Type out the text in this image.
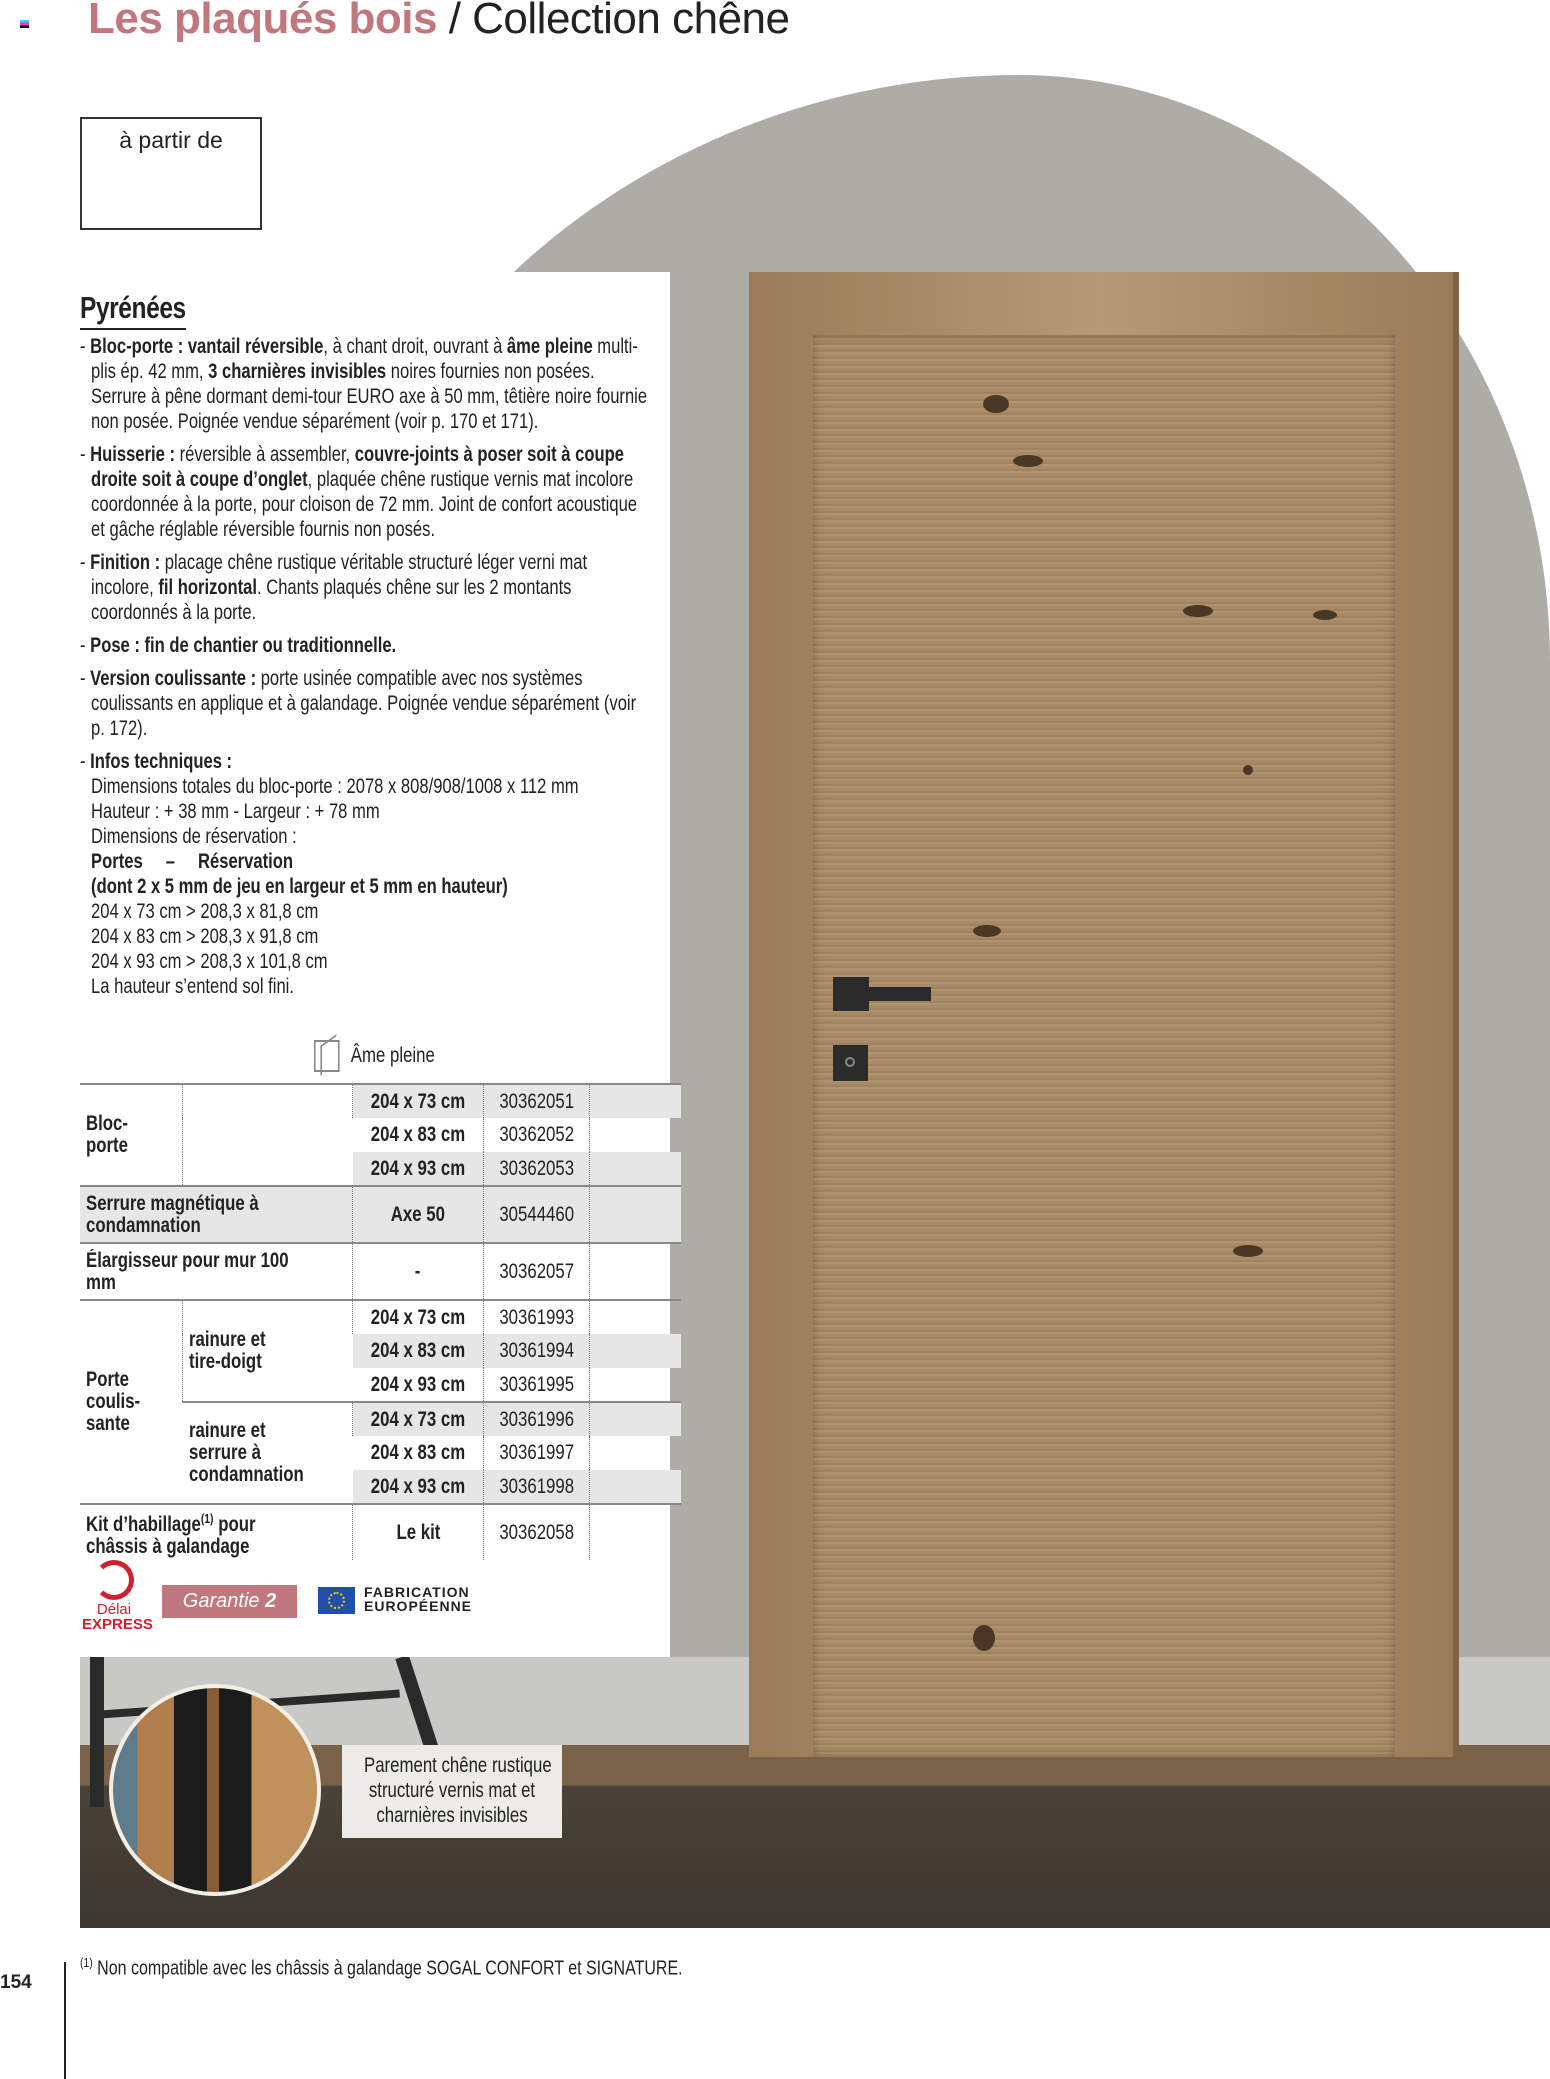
Les plaqués bois / Collection chêne
à partir de
Pyrénées
- Bloc-porte : vantail réversible, à chant droit, ouvrant à âme pleine multi-plis ép. 42 mm, 3 charnières invisibles noires fournies non posées. Serrure à pêne dormant demi-tour EURO axe à 50 mm, têtière noire fournie non posée. Poignée vendue séparément (voir p. 170 et 171).
- Huisserie : réversible à assembler, couvre-joints à poser soit à coupe droite soit à coupe d’onglet, plaquée chêne rustique vernis mat incolore coordonnée à la porte, pour cloison de 72 mm. Joint de confort acoustique et gâche réglable réversible fournis non posés.
- Finition : placage chêne rustique véritable structuré léger verni mat incolore, fil horizontal. Chants plaqués chêne sur les 2 montants coordonnés à la porte.
- Pose : fin de chantier ou traditionnelle.
- Version coulissante : porte usinée compatible avec nos systèmes coulissants en applique et à galandage. Poignée vendue séparément (voir p. 172).
- Infos techniques :
Dimensions totales du bloc-porte : 2078 x 808/908/1008 x 112 mm
Hauteur : + 38 mm - Largeur : + 78 mm
Dimensions de réservation :
Portes     –     Réservation
(dont 2 x 5 mm de jeu en largeur et 5 mm en hauteur)
204 x 73 cm > 208,3 x 81,8 cm
204 x 83 cm > 208,3 x 91,8 cm
204 x 93 cm > 208,3 x 101,8 cm
La hauteur s’entend sol fini.
Âme pleine
Bloc-porte		204 x 73 cm	30362051	
		204 x 83 cm	30362052	
		204 x 93 cm	30362053	
Serrure magnétique à condamnation		Axe 50	30544460	
Élargisseur pour mur 100 mm		-	30362057	
Porte coulis-sante	rainure et tire-doigt	204 x 73 cm	30361993	
		204 x 83 cm	30361994	
		204 x 93 cm	30361995	
	rainure et serrure à condamnation	204 x 73 cm	30361996	
		204 x 83 cm	30361997	
		204 x 93 cm	30361998	
Kit d’habillage$^{(1)}$ pour châssis à galandage		Le kit	30362058	
Délai
EXPRESS
Garantie 2 ANS
FABRICATION
EUROPÉENNE
Parement chêne rustique
structuré vernis mat et
charnières invisibles
$^{(1)}$ Non compatible avec les châssis à galandage SOGAL CONFORT et SIGNATURE.
154
